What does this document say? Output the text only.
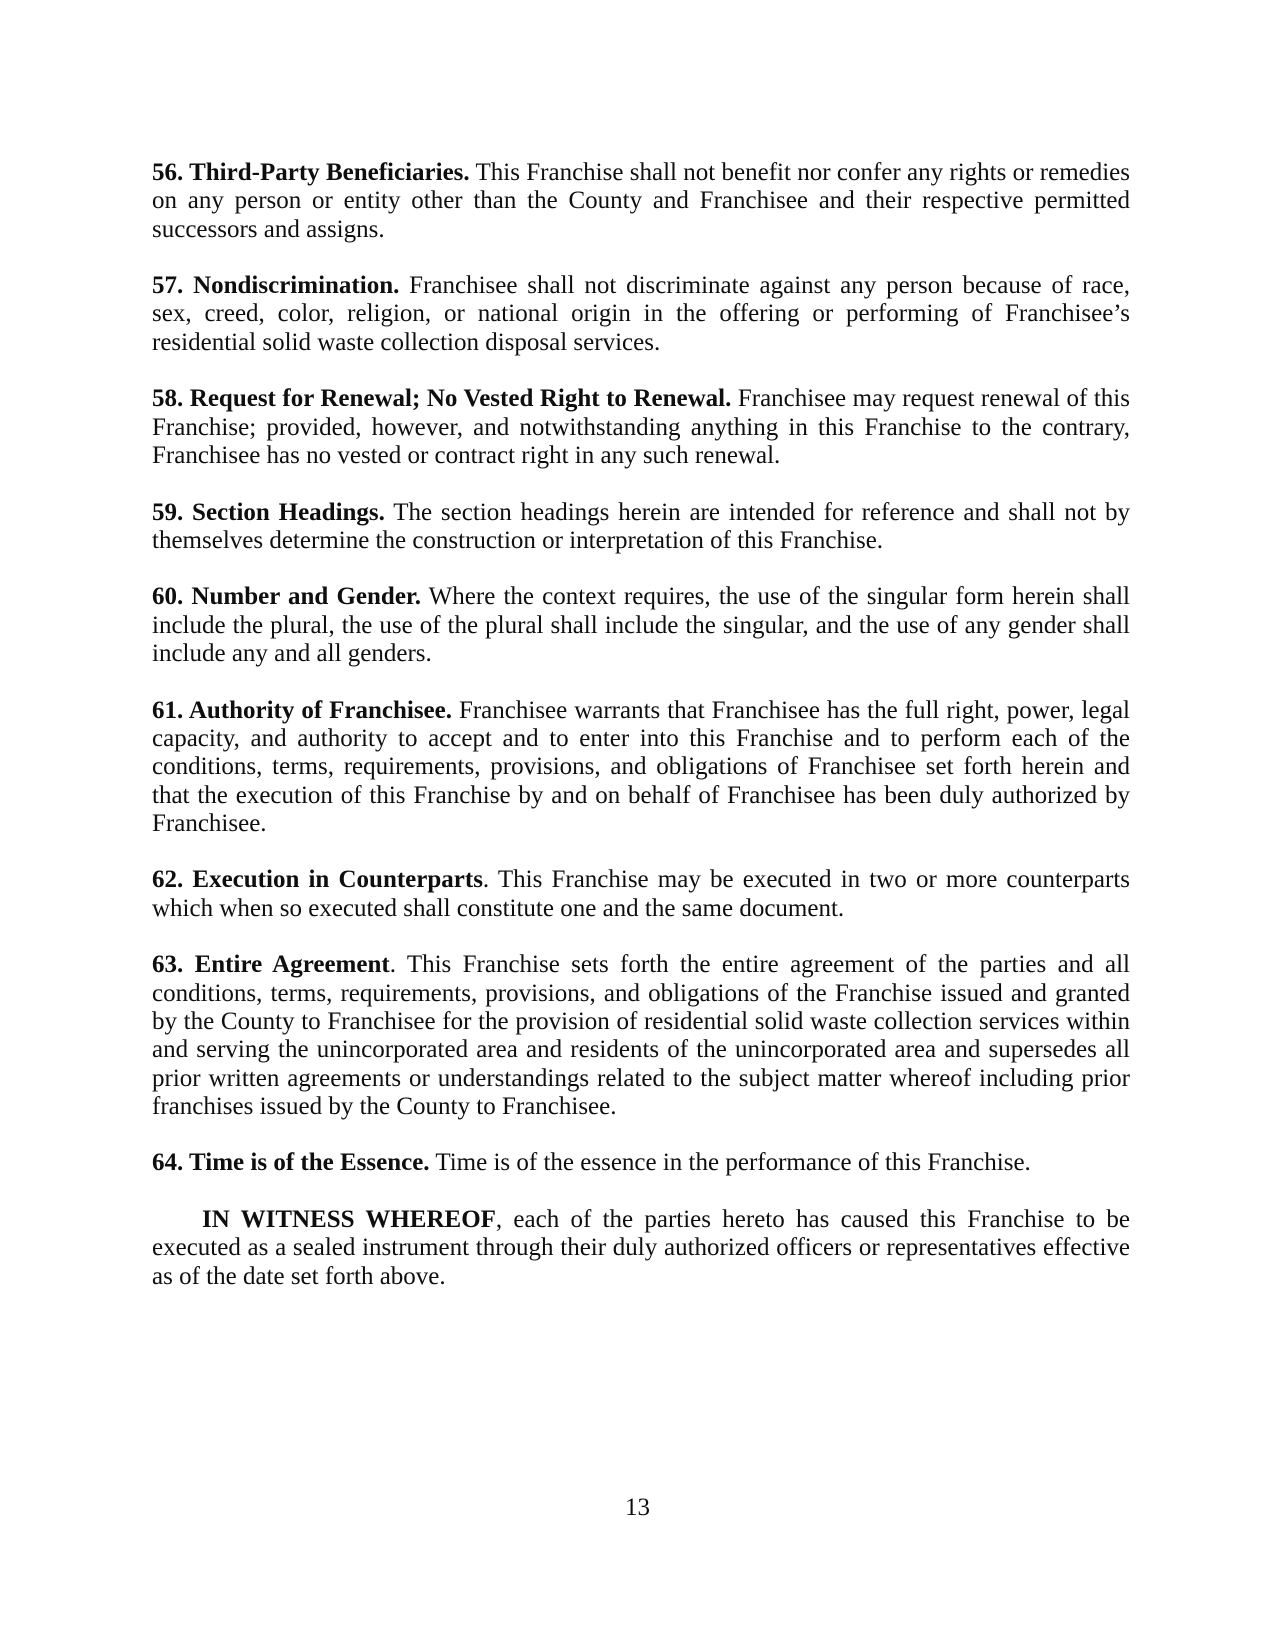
56. Third-Party Beneficiaries. This Franchise shall not benefit nor confer any rights or remedies on any person or entity other than the County and Franchisee and their respective permitted successors and assigns.

57. Nondiscrimination. Franchisee shall not discriminate against any person because of race, sex, creed, color, religion, or national origin in the offering or performing of Franchisee’s residential solid waste collection disposal services.

58. Request for Renewal; No Vested Right to Renewal. Franchisee may request renewal of this Franchise; provided, however, and notwithstanding anything in this Franchise to the contrary, Franchisee has no vested or contract right in any such renewal.

59. Section Headings. The section headings herein are intended for reference and shall not by themselves determine the construction or interpretation of this Franchise.

60. Number and Gender. Where the context requires, the use of the singular form herein shall include the plural, the use of the plural shall include the singular, and the use of any gender shall include any and all genders.

61. Authority of Franchisee. Franchisee warrants that Franchisee has the full right, power, legal capacity, and authority to accept and to enter into this Franchise and to perform each of the conditions, terms, requirements, provisions, and obligations of Franchisee set forth herein and that the execution of this Franchise by and on behalf of Franchisee has been duly authorized by Franchisee.

62. Execution in Counterparts. This Franchise may be executed in two or more counterparts which when so executed shall constitute one and the same document.

63. Entire Agreement. This Franchise sets forth the entire agreement of the parties and all conditions, terms, requirements, provisions, and obligations of the Franchise issued and granted by the County to Franchisee for the provision of residential solid waste collection services within and serving the unincorporated area and residents of the unincorporated area and supersedes all prior written agreements or understandings related to the subject matter whereof including prior franchises issued by the County to Franchisee.

64. Time is of the Essence. Time is of the essence in the performance of this Franchise.

IN WITNESS WHEREOF, each of the parties hereto has caused this Franchise to be executed as a sealed instrument through their duly authorized officers or representatives effective as of the date set forth above.

13
